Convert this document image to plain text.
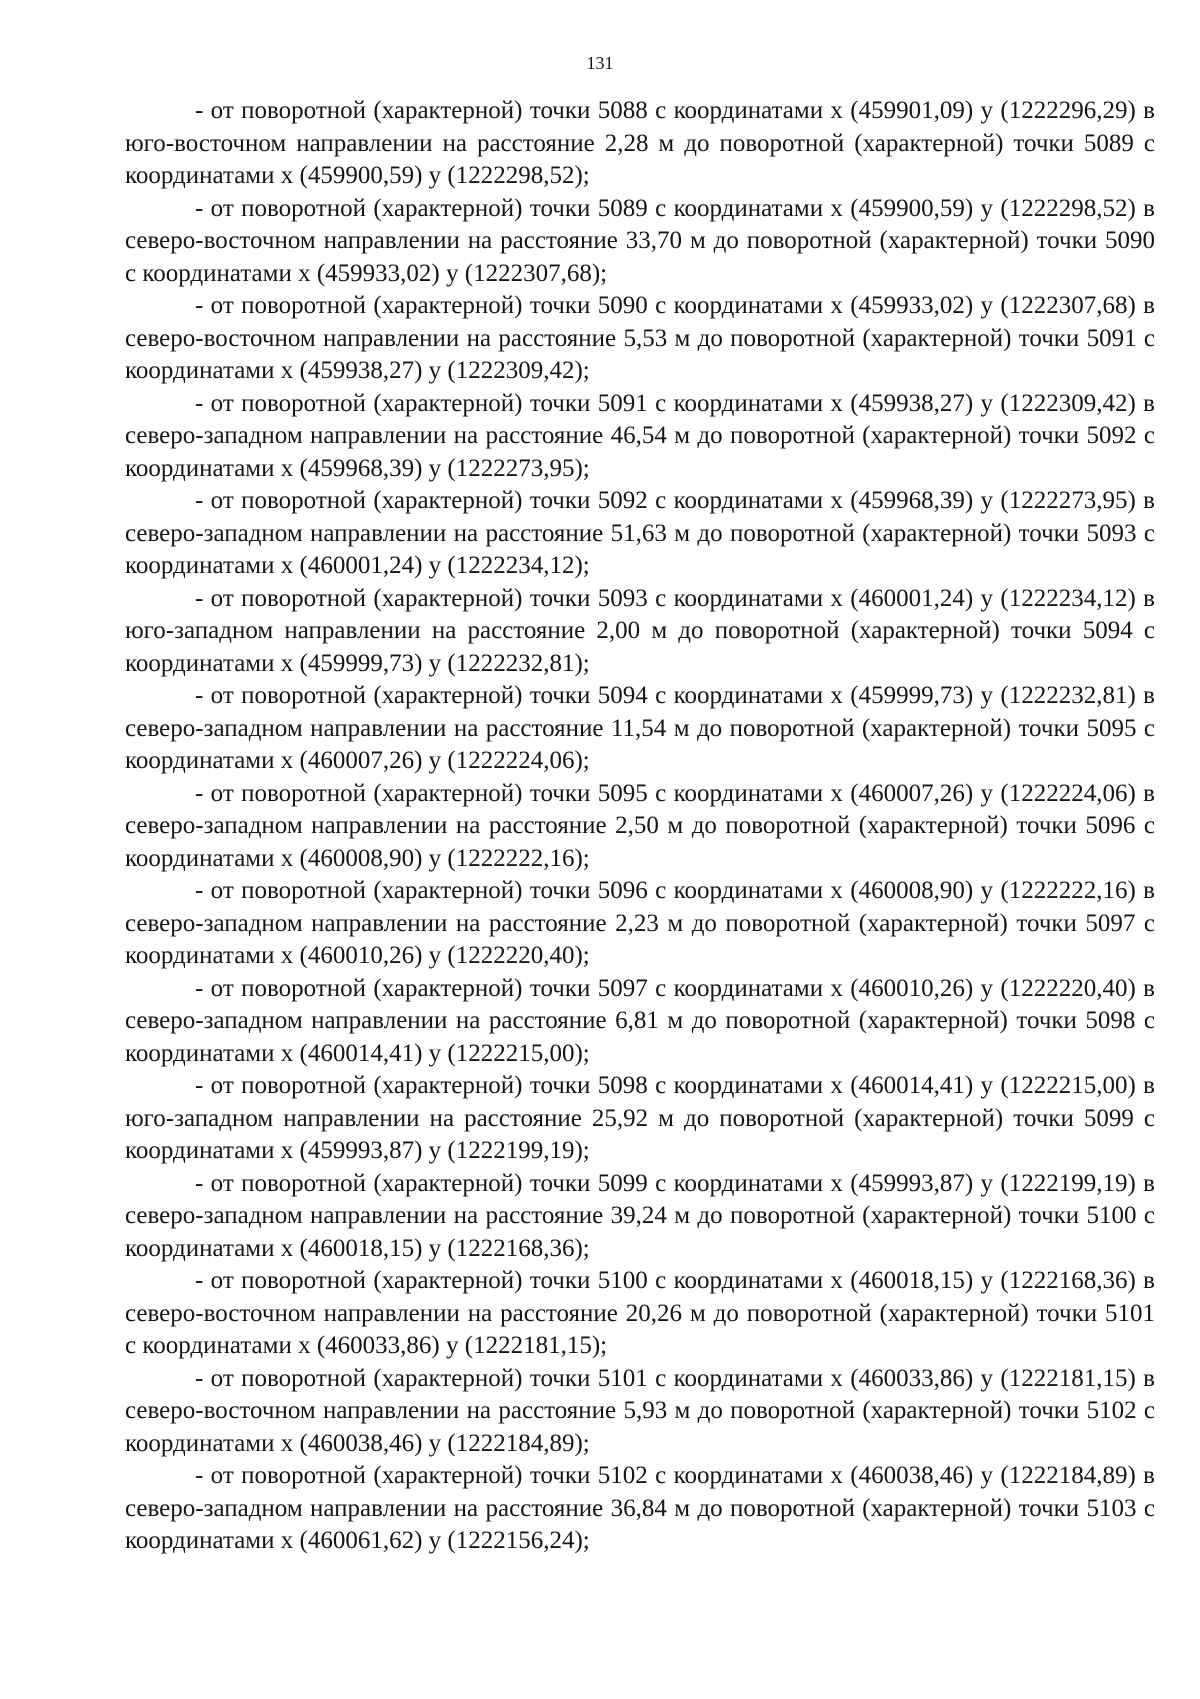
131

- от поворотной (характерной) точки 5088 с координатами x (459901,09) y (1222296,29) в юго-восточном направлении на расстояние 2,28 м до поворотной (характерной) точки 5089 с координатами x (459900,59) y (1222298,52);

- от поворотной (характерной) точки 5089 с координатами x (459900,59) y (1222298,52) в северо-восточном направлении на расстояние 33,70 м до поворотной (характерной) точки 5090 с координатами x (459933,02) y (1222307,68);

- от поворотной (характерной) точки 5090 с координатами x (459933,02) y (1222307,68) в северо-восточном направлении на расстояние 5,53 м до поворотной (характерной) точки 5091 с координатами x (459938,27) y (1222309,42);

- от поворотной (характерной) точки 5091 с координатами x (459938,27) y (1222309,42) в северо-западном направлении на расстояние 46,54 м до поворотной (характерной) точки 5092 с координатами x (459968,39) y (1222273,95);

- от поворотной (характерной) точки 5092 с координатами x (459968,39) y (1222273,95) в северо-западном направлении на расстояние 51,63 м до поворотной (характерной) точки 5093 с координатами x (460001,24) y (1222234,12);

- от поворотной (характерной) точки 5093 с координатами x (460001,24) y (1222234,12) в юго-западном направлении на расстояние 2,00 м до поворотной (характерной) точки 5094 с координатами x (459999,73) y (1222232,81);

- от поворотной (характерной) точки 5094 с координатами x (459999,73) y (1222232,81) в северо-западном направлении на расстояние 11,54 м до поворотной (характерной) точки 5095 с координатами x (460007,26) y (1222224,06);

- от поворотной (характерной) точки 5095 с координатами x (460007,26) y (1222224,06) в северо-западном направлении на расстояние 2,50 м до поворотной (характерной) точки 5096 с координатами x (460008,90) y (1222222,16);

- от поворотной (характерной) точки 5096 с координатами x (460008,90) y (1222222,16) в северо-западном направлении на расстояние 2,23 м до поворотной (характерной) точки 5097 с координатами x (460010,26) y (1222220,40);

- от поворотной (характерной) точки 5097 с координатами x (460010,26) y (1222220,40) в северо-западном направлении на расстояние 6,81 м до поворотной (характерной) точки 5098 с координатами x (460014,41) y (1222215,00);

- от поворотной (характерной) точки 5098 с координатами x (460014,41) y (1222215,00) в юго-западном направлении на расстояние 25,92 м до поворотной (характерной) точки 5099 с координатами x (459993,87) y (1222199,19);

- от поворотной (характерной) точки 5099 с координатами x (459993,87) y (1222199,19) в северо-западном направлении на расстояние 39,24 м до поворотной (характерной) точки 5100 с координатами x (460018,15) y (1222168,36);

- от поворотной (характерной) точки 5100 с координатами x (460018,15) y (1222168,36) в северо-восточном направлении на расстояние 20,26 м до поворотной (характерной) точки 5101 с координатами x (460033,86) y (1222181,15);

- от поворотной (характерной) точки 5101 с координатами x (460033,86) y (1222181,15) в северо-восточном направлении на расстояние 5,93 м до поворотной (характерной) точки 5102 с координатами x (460038,46) y (1222184,89);

- от поворотной (характерной) точки 5102 с координатами x (460038,46) y (1222184,89) в северо-западном направлении на расстояние 36,84 м до поворотной (характерной) точки 5103 с координатами x (460061,62) y (1222156,24);
